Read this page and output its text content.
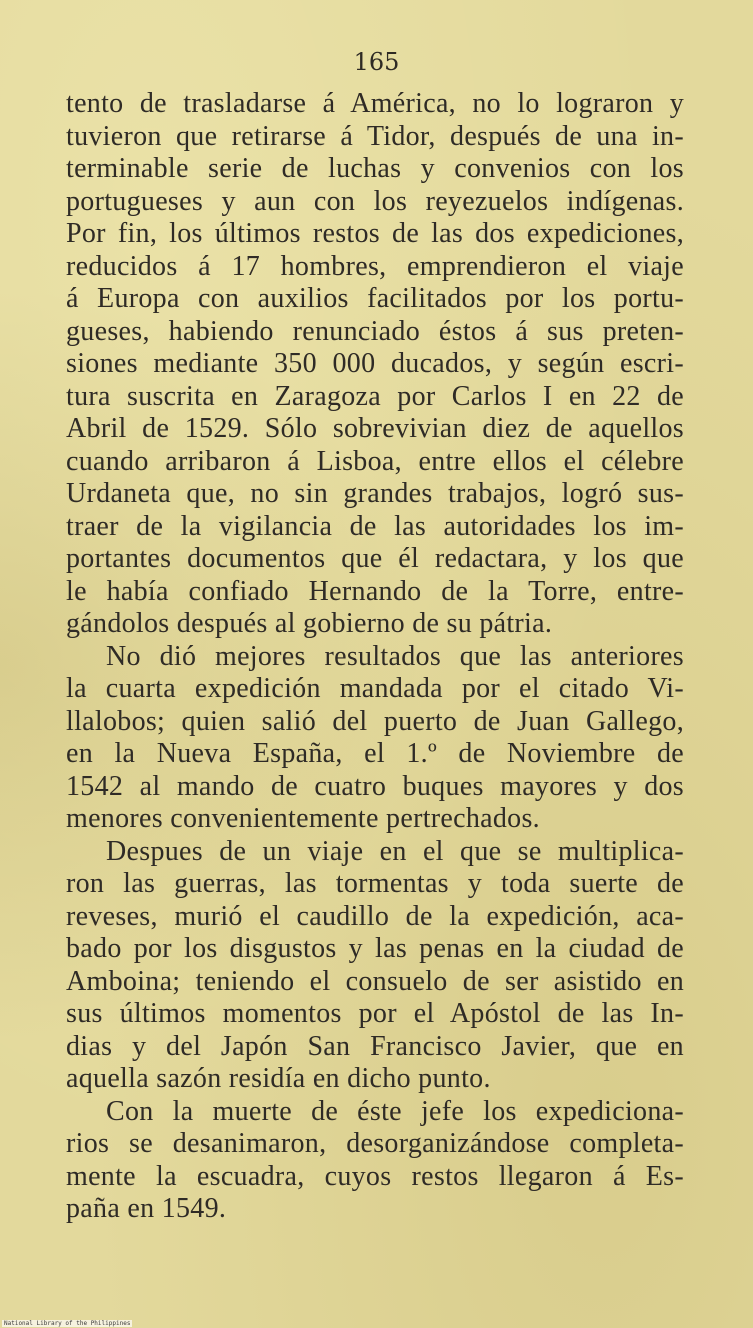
165
tento de trasladarse á América, no lo lograron y
tuvieron que retirarse á Tidor, después de una in-
terminable serie de luchas y convenios con los
portugueses y aun con los reyezuelos indígenas.
Por fin, los últimos restos de las dos expediciones,
reducidos á 17 hombres, emprendieron el viaje
á Europa con auxilios facilitados por los portu-
gueses, habiendo renunciado éstos á sus preten-
siones mediante 350 000 ducados, y según escri-
tura suscrita en Zaragoza por Carlos I en 22 de
Abril de 1529. Sólo sobrevivian diez de aquellos
cuando arribaron á Lisboa, entre ellos el célebre
Urdaneta que, no sin grandes trabajos, logró sus-
traer de la vigilancia de las autoridades los im-
portantes documentos que él redactara, y los que
le había confiado Hernando de la Torre, entre-
gándolos después al gobierno de su pátria.
No dió mejores resultados que las anteriores
la cuarta expedición mandada por el citado Vi-
llalobos; quien salió del puerto de Juan Gallego,
en la Nueva España, el 1.º de Noviembre de
1542 al mando de cuatro buques mayores y dos
menores convenientemente pertrechados.
Despues de un viaje en el que se multiplica-
ron las guerras, las tormentas y toda suerte de
reveses, murió el caudillo de la expedición, aca-
bado por los disgustos y las penas en la ciudad de
Amboina; teniendo el consuelo de ser asistido en
sus últimos momentos por el Apóstol de las In-
dias y del Japón San Francisco Javier, que en
aquella sazón residía en dicho punto.
Con la muerte de éste jefe los expediciona-
rios se desanimaron, desorganizándose completa-
mente la escuadra, cuyos restos llegaron á Es-
paña en 1549.
National Library of the Philippines
